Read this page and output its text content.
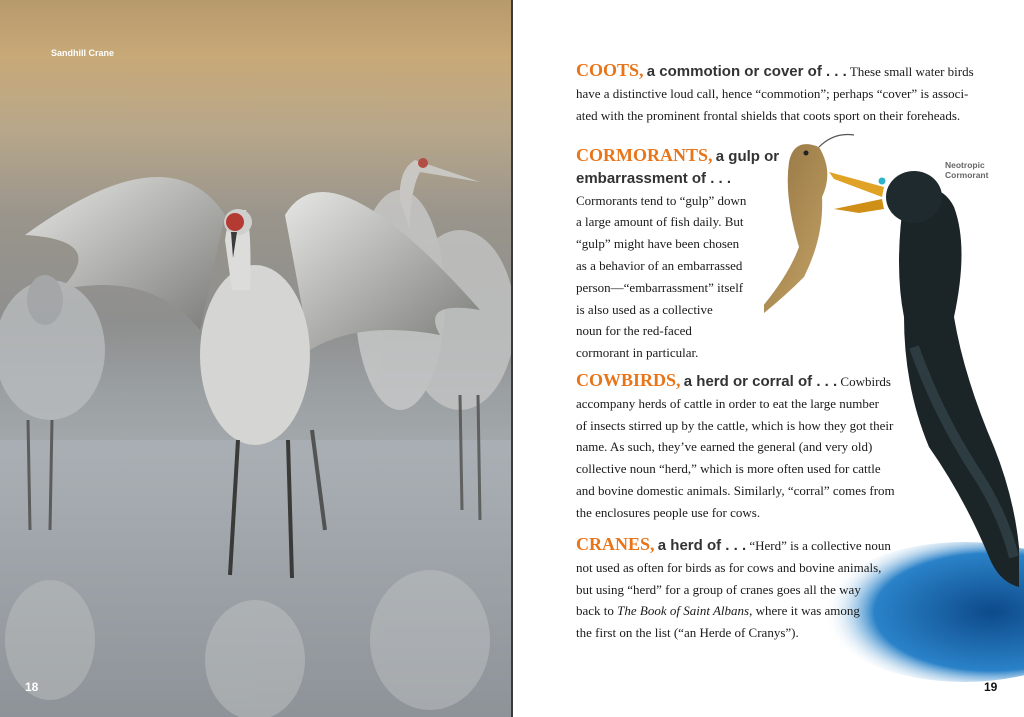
Sandhill Crane
18
Neotropic Cormorant
COOTS, a commotion or cover of . . . These small water birds
have a distinctive loud call, hence “commotion”; perhaps “cover” is associ-
ated with the prominent frontal shields that coots sport on their foreheads.
CORMORANTS, a gulp or
embarrassment of . . .
Cormorants tend to “gulp” down
a large amount of fish daily. But
“gulp” might have been chosen
as a behavior of an embarrassed
person—“embarrassment” itself
is also used as a collective
noun for the red-faced
cormorant in particular.
COWBIRDS, a herd or corral of . . . Cowbirds
accompany herds of cattle in order to eat the large number
of insects stirred up by the cattle, which is how they got their
name. As such, they’ve earned the general (and very old)
collective noun “herd,” which is more often used for cattle
and bovine domestic animals. Similarly, “corral” comes from
the enclosures people use for cows.
CRANES, a herd of . . . “Herd” is a collective noun
not used as often for birds as for cows and bovine animals,
but using “herd” for a group of cranes goes all the way
back to The Book of Saint Albans, where it was among
the first on the list (“an Herde of Cranys”).
19
